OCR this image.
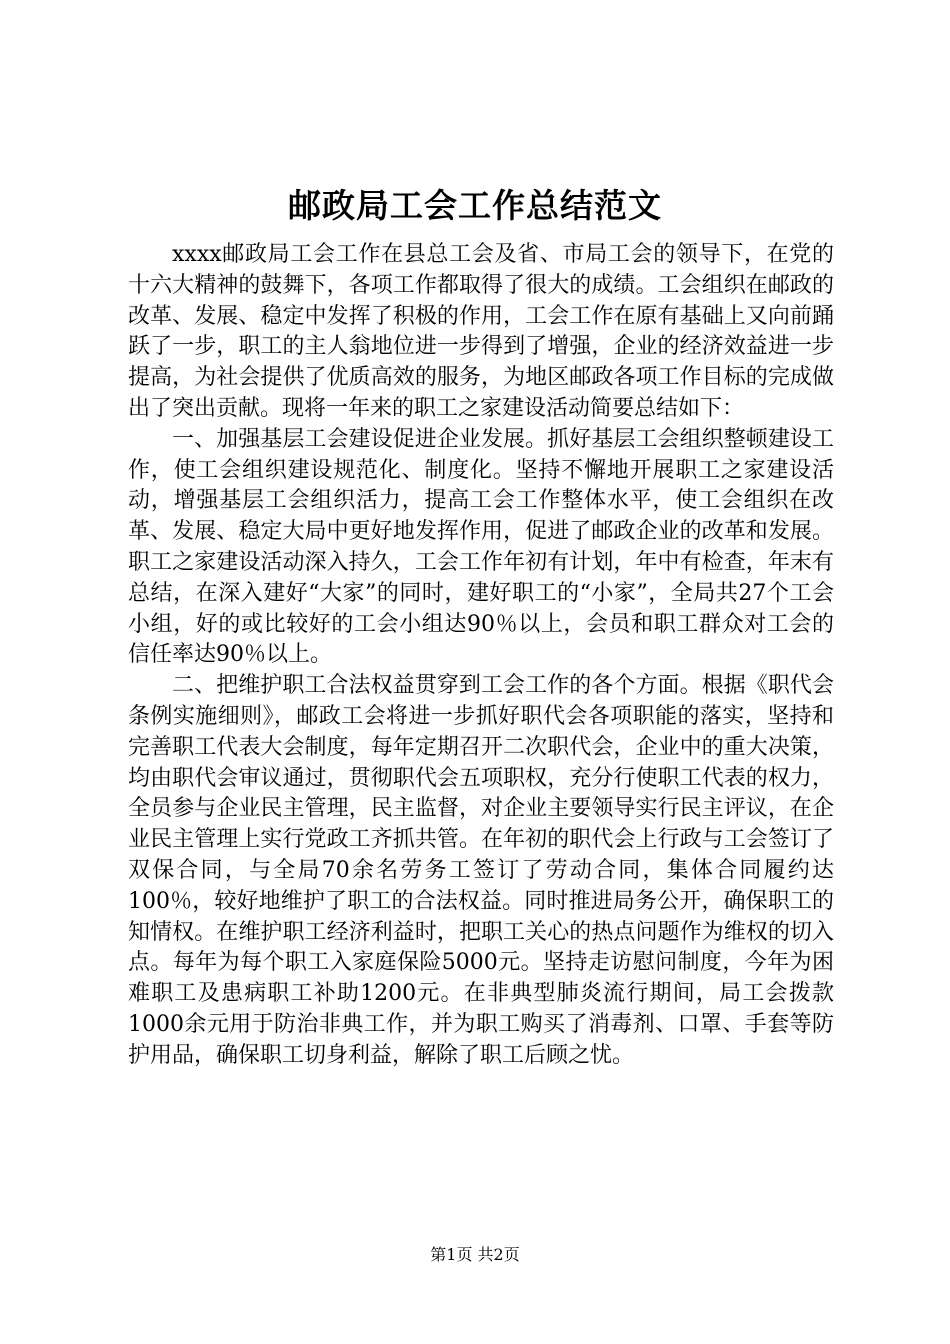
邮政局工会工作总结范文

xxxx邮政局工会工作在县总工会及省、市局工会的领导下，在党的十六大精神的鼓舞下，各项工作都取得了很大的成绩。工会组织在邮政的改革、发展、稳定中发挥了积极的作用，工会工作在原有基础上又向前踊跃了一步，职工的主人翁地位进一步得到了增强，企业的经济效益进一步提高，为社会提供了优质高效的服务，为地区邮政各项工作目标的完成做出了突出贡献。现将一年来的职工之家建设活动简要总结如下：

一、加强基层工会建设促进企业发展。抓好基层工会组织整顿建设工作，使工会组织建设规范化、制度化。坚持不懈地开展职工之家建设活动，增强基层工会组织活力，提高工会工作整体水平，使工会组织在改革、发展、稳定大局中更好地发挥作用，促进了邮政企业的改革和发展。职工之家建设活动深入持久，工会工作年初有计划，年中有检查，年末有总结，在深入建好“大家”的同时，建好职工的“小家”，全局共27个工会小组，好的或比较好的工会小组达90％以上，会员和职工群众对工会的信任率达90％以上。

二、把维护职工合法权益贯穿到工会工作的各个方面。根据《职代会条例实施细则》，邮政工会将进一步抓好职代会各项职能的落实，坚持和完善职工代表大会制度，每年定期召开二次职代会，企业中的重大决策，均由职代会审议通过，贯彻职代会五项职权，充分行使职工代表的权力，全员参与企业民主管理，民主监督，对企业主要领导实行民主评议，在企业民主管理上实行党政工齐抓共管。在年初的职代会上行政与工会签订了双保合同，与全局70余名劳务工签订了劳动合同，集体合同履约达100％，较好地维护了职工的合法权益。同时推进局务公开，确保职工的知情权。在维护职工经济利益时，把职工关心的热点问题作为维权的切入点。每年为每个职工入家庭保险5000元。坚持走访慰问制度，今年为困难职工及患病职工补助1200元。在非典型肺炎流行期间，局工会拨款1000余元用于防治非典工作，并为职工购买了消毒剂、口罩、手套等防护用品，确保职工切身利益，解除了职工后顾之忧。

第1页 共2页
